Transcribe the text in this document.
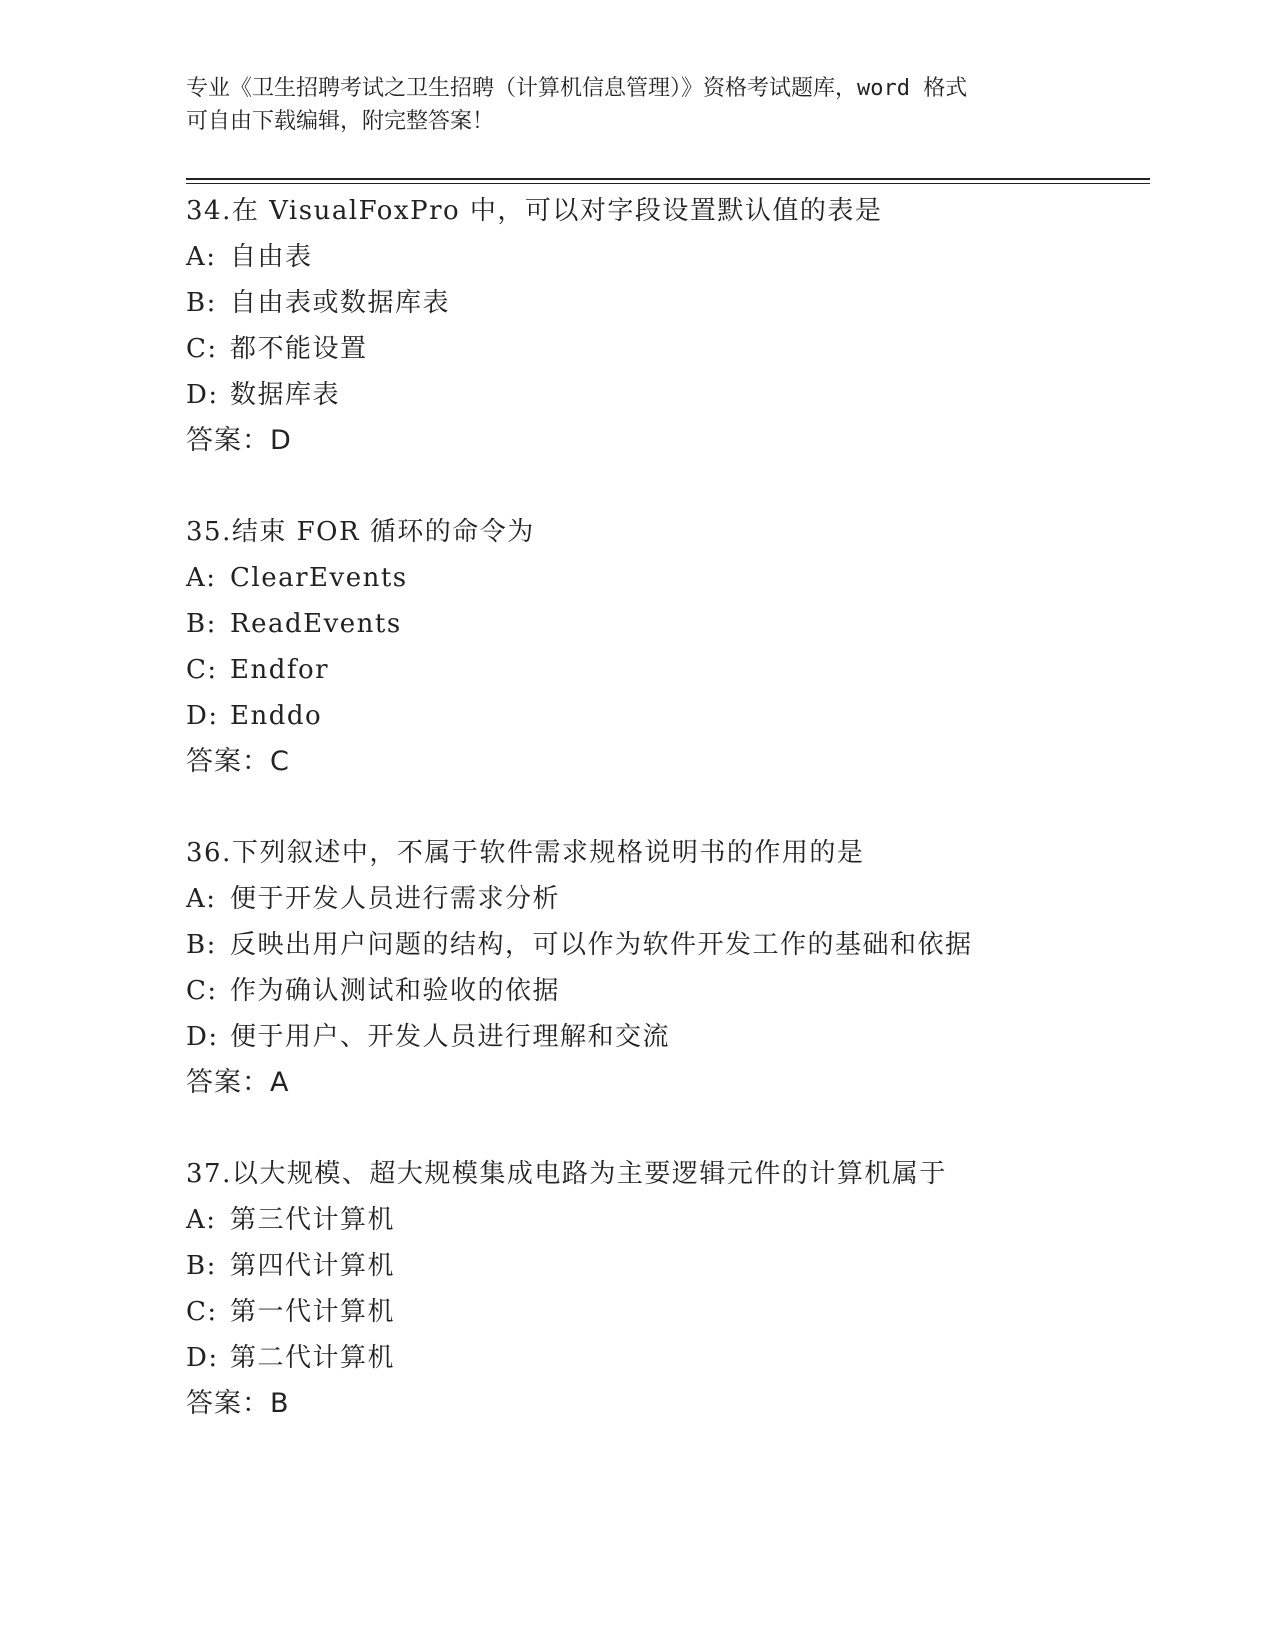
专业《卫生招聘考试之卫生招聘（计算机信息管理）》资格考试题库，word 格式
可自由下载编辑，附完整答案！
34.在 VisualFoxPro 中，可以对字段设置默认值的表是
A: 自由表
B: 自由表或数据库表
C: 都不能设置
D: 数据库表
答案：D
35.结束 FOR 循环的命令为
A: ClearEvents
B: ReadEvents
C: Endfor
D: Enddo
答案：C
36.下列叙述中，不属于软件需求规格说明书的作用的是
A: 便于开发人员进行需求分析
B: 反映出用户问题的结构，可以作为软件开发工作的基础和依据
C: 作为确认测试和验收的依据
D: 便于用户、开发人员进行理解和交流
答案：A
37.以大规模、超大规模集成电路为主要逻辑元件的计算机属于
A: 第三代计算机
B: 第四代计算机
C: 第一代计算机
D: 第二代计算机
答案：B
